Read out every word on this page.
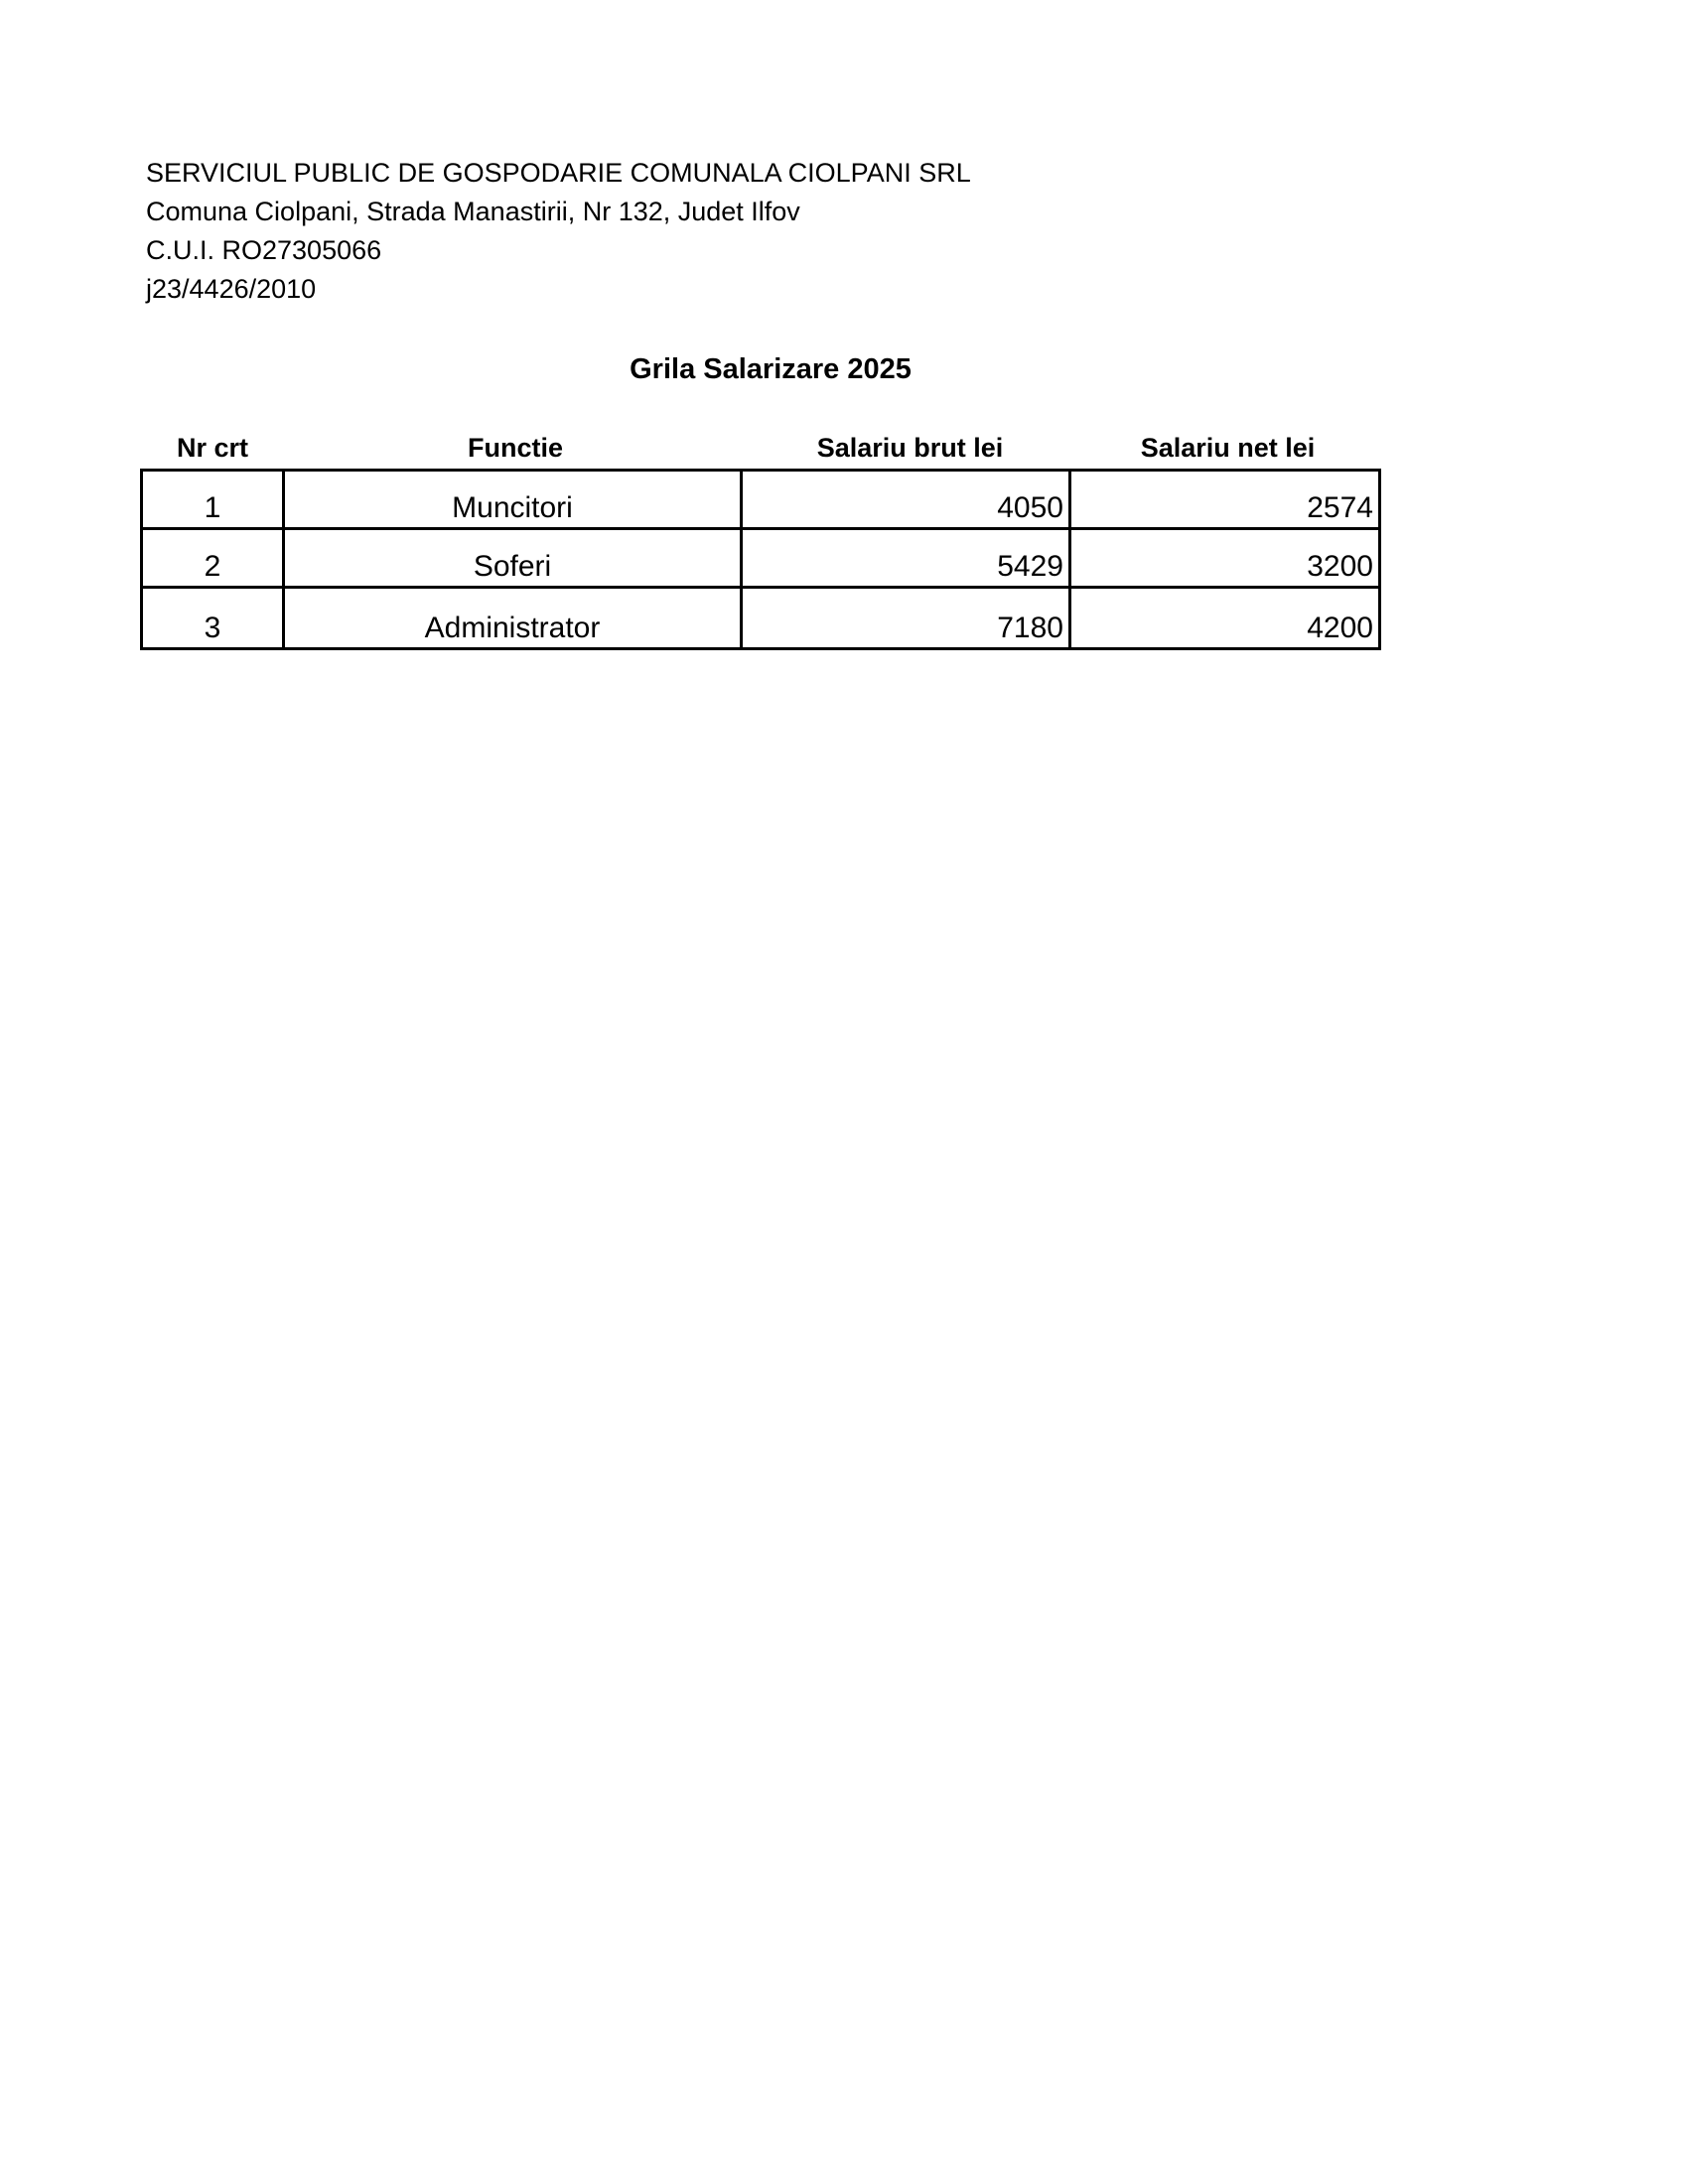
SERVICIUL PUBLIC DE GOSPODARIE COMUNALA CIOLPANI SRL
Comuna Ciolpani, Strada Manastirii, Nr 132, Judet Ilfov
C.U.I. RO27305066
j23/4426/2010
Grila Salarizare 2025
Nr crt	Functie	Salariu brut lei	Salariu net lei
1	Muncitori	4050	2574
2	Soferi	5429	3200
3	Administrator	7180	4200
